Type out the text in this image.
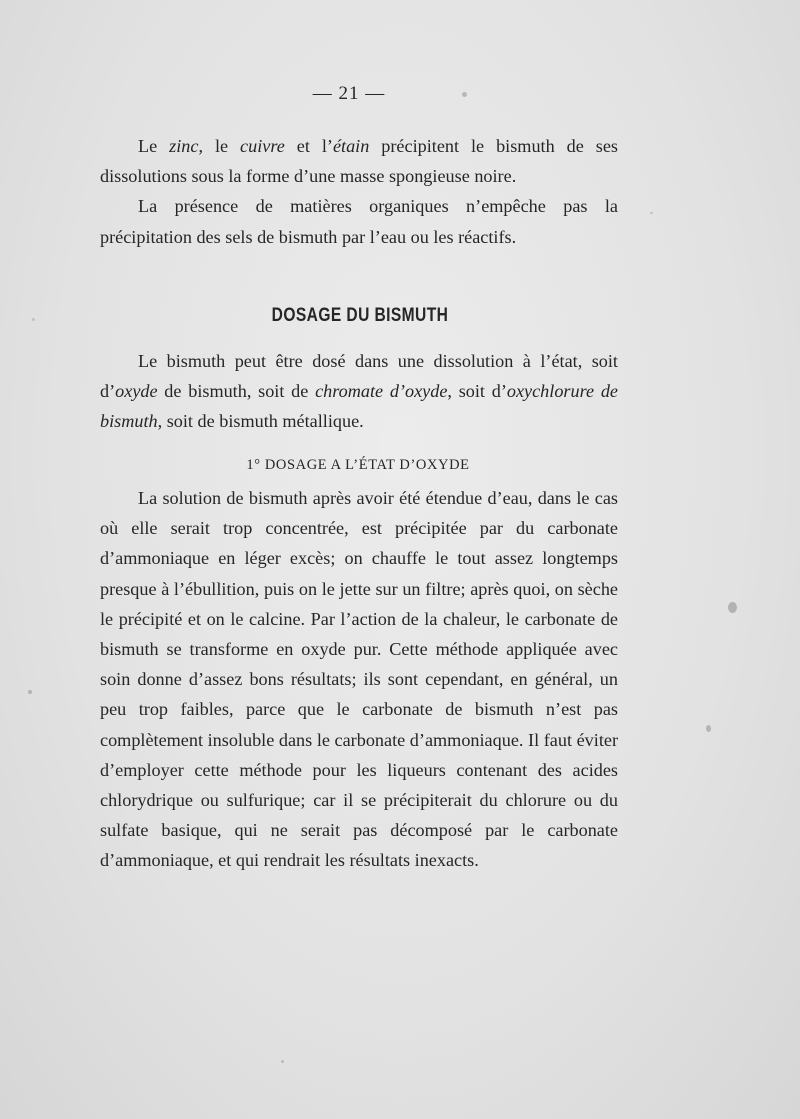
— 21 —

Le zinc, le cuivre et l’étain précipitent le bismuth de ses dissolutions sous la forme d’une masse spongieuse noire.

La présence de matières organiques n’empêche pas la précipitation des sels de bismuth par l’eau ou les réactifs.

DOSAGE DU BISMUTH

Le bismuth peut être dosé dans une dissolution à l’état, soit d’oxyde de bismuth, soit de chromate d’oxyde, soit d’oxychlorure de bismuth, soit de bismuth métallique.

1° DOSAGE A L’ÉTAT D’OXYDE

La solution de bismuth après avoir été étendue d’eau, dans le cas où elle serait trop concentrée, est précipitée par du carbonate d’ammoniaque en léger excès; on chauffe le tout assez longtemps presque à l’ébullition, puis on le jette sur un filtre; après quoi, on sèche le précipité et on le calcine. Par l’action de la chaleur, le carbonate de bismuth se transforme en oxyde pur. Cette méthode appliquée avec soin donne d’assez bons résultats; ils sont cependant, en général, un peu trop faibles, parce que le carbonate de bismuth n’est pas complètement insoluble dans le carbonate d’ammoniaque. Il faut éviter d’employer cette méthode pour les liqueurs contenant des acides chlorydrique ou sulfurique; car il se précipiterait du chlorure ou du sulfate basique, qui ne serait pas décomposé par le carbonate d’ammoniaque, et qui rendrait les résultats inexacts.
